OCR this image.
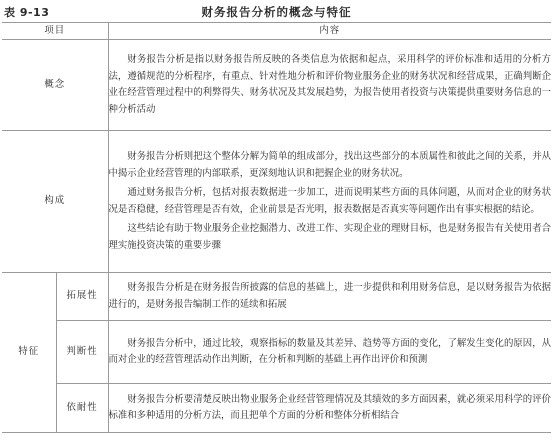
表 9-13	财务报告分析的概念与特征
项目		内容
概念		财务报告分析是指以财务报告所反映的各类信息为依据和起点，采用科学的评价标准和适用的分析方法，遵循规范的分析程序，有重点、针对性地分析和评价物业服务企业的财务状况和经营成果，正确判断企业在经营管理过程中的利弊得失、财务状况及其发展趋势，为报告使用者投资与决策提供重要财务信息的一种分析活动

构成		财务报告分析则把这个整体分解为简单的组成部分，找出这些部分的本质属性和彼此之间的关系，并从中揭示企业经营管理的内部联系，更深刻地认识和把握企业的财务状况。

通过财务报告分析，包括对报表数据进一步加工，进而说明某些方面的具体问题，从而对企业的财务状况是否稳健，经营管理是否有效，企业前景是否光明，报表数据是否真实等问题作出有事实根据的结论。

这些结论有助于物业服务企业挖掘潜力、改进工作、实现企业的理财目标，也是财务报告有关使用者合理实施投资决策的重要步骤

特征	拓展性	财务报告分析是在财务报告所披露的信息的基础上，进一步提供和利用财务信息，是以财务报告为依据进行的，是财务报告编制工作的延续和拓展

	判断性	财务报告分析中，通过比较，观察指标的数量及其差异、趋势等方面的变化，了解发生变化的原因，从而对企业的经营管理活动作出判断，在分析和判断的基础上再作出评价和预测

	依耐性	财务报告分析要清楚反映出物业服务企业经营管理情况及其绩效的多方面因素，就必须采用科学的评价标准和多种适用的分析方法，而且把单个方面的分析和整体分析相结合
